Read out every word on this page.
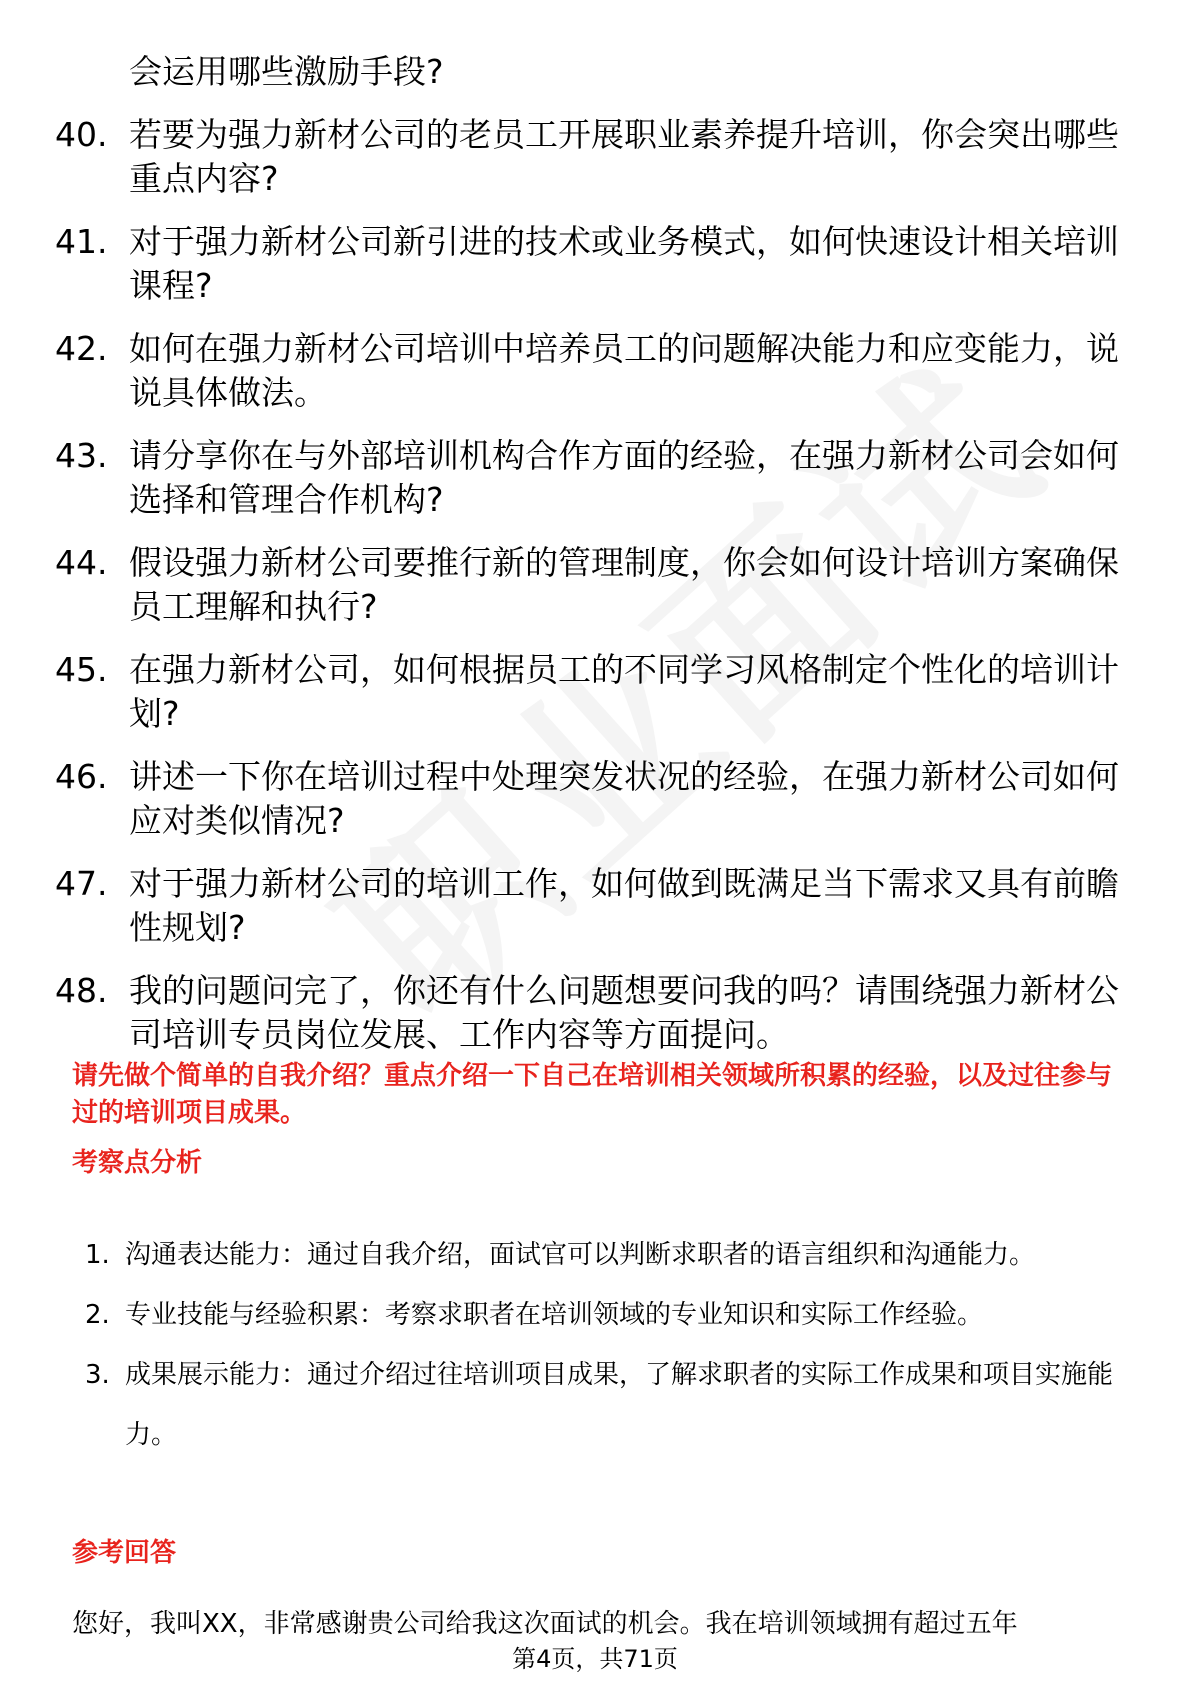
会运用哪些激励手段?
40. 若要为强力新材公司的老员工开展职业素养提升培训，你会突出哪些重点内容?
41. 对于强力新材公司新引进的技术或业务模式，如何快速设计相关培训课程?
42. 如何在强力新材公司培训中培养员工的问题解决能力和应变能力，说说具体做法。
43. 请分享你在与外部培训机构合作方面的经验，在强力新材公司会如何选择和管理合作机构?
44. 假设强力新材公司要推行新的管理制度，你会如何设计培训方案确保员工理解和执行?
45. 在强力新材公司，如何根据员工的不同学习风格制定个性化的培训计划?
46. 讲述一下你在培训过程中处理突发状况的经验，在强力新材公司如何应对类似情况?
47. 对于强力新材公司的培训工作，如何做到既满足当下需求又具有前瞻性规划?
48. 我的问题问完了，你还有什么问题想要问我的吗？请围绕强力新材公司培训专员岗位发展、工作内容等方面提问。
请先做个简单的自我介绍？重点介绍一下自己在培训相关领域所积累的经验，以及过往参与过的培训项目成果。
考察点分析
1. 沟通表达能力：通过自我介绍，面试官可以判断求职者的语言组织和沟通能力。
2. 专业技能与经验积累：考察求职者在培训领域的专业知识和实际工作经验。
3. 成果展示能力：通过介绍过往培训项目成果，了解求职者的实际工作成果和项目实施能力。
参考回答
您好，我叫XX，非常感谢贵公司给我这次面试的机会。我在培训领域拥有超过五年
第4页，共71页
